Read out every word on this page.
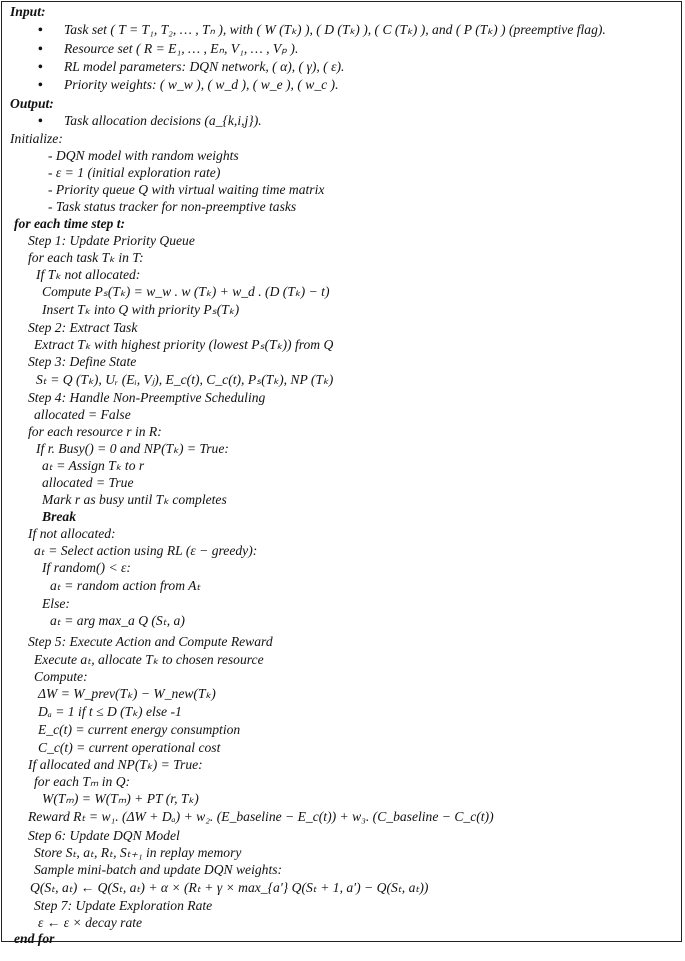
Input:
• Task set ( T = T₁, T₂, … , Tₙ ), with ( W (Tₖ) ), ( D (Tₖ) ), ( C (Tₖ) ), and ( P (Tₖ) ) (preemptive flag).
• Resource set ( R = E₁, … , Eₙ, V₁, … , Vₚ ).
• RL model parameters: DQN network, ( α), ( γ), ( ε).
• Priority weights: ( w_w ), ( w_d ), ( w_e ), ( w_c ).
Output:
• Task allocation decisions (a_{k,i,j}).
Initialize:
- DQN model with random weights
- ε = 1 (initial exploration rate)
- Priority queue Q with virtual waiting time matrix
- Task status tracker for non-preemptive tasks
for each time step t:
Step 1: Update Priority Queue
for each task Tₖ in T:
If Tₖ not allocated:
Compute Pₛ(Tₖ) = w_w . w (Tₖ) + w_d . (D (Tₖ) − t)
Insert Tₖ into Q with priority Pₛ(Tₖ)
Step 2: Extract Task
Extract Tₖ with highest priority (lowest Pₛ(Tₖ)) from Q
Step 3: Define State
Sₜ = Q (Tₖ), Uᵣ (Eᵢ, Vⱼ), E_c(t), C_c(t), Pₛ(Tₖ), NP (Tₖ)
Step 4: Handle Non-Preemptive Scheduling
allocated = False
for each resource r in R:
If r. Busy() = 0 and NP(Tₖ) = True:
aₜ = Assign Tₖ to r
allocated = True
Mark r as busy until Tₖ completes
Break
If not allocated:
aₜ = Select action using RL (ε − greedy):
If random() < ε:
aₜ = random action from Aₜ
Else:
aₜ = arg max_a Q (Sₜ, a)
Step 5: Execute Action and Compute Reward
Execute aₜ, allocate Tₖ to chosen resource
Compute:
ΔW = W_prev(Tₖ) − W_new(Tₖ)
Dₐ = 1 if t ≤ D (Tₖ) else -1
E_c(t) = current energy consumption
C_c(t) = current operational cost
If allocated and NP(Tₖ) = True:
for each Tₘ in Q:
W(Tₘ) = W(Tₘ) + PT (r, Tₖ)
Reward Rₜ = w₁. (ΔW + Dₐ) + w₂. (E_baseline − E_c(t)) + w₃. (C_baseline − C_c(t))
Step 6: Update DQN Model
Store Sₜ, aₜ, Rₜ, Sₜ₊₁ in replay memory
Sample mini-batch and update DQN weights:
Q(Sₜ, aₜ) ← Q(Sₜ, aₜ) + α × (Rₜ + γ × max_{a′} Q(Sₜ + 1, a′) − Q(Sₜ, aₜ))
Step 7: Update Exploration Rate
ε ← ε × decay rate
end for
